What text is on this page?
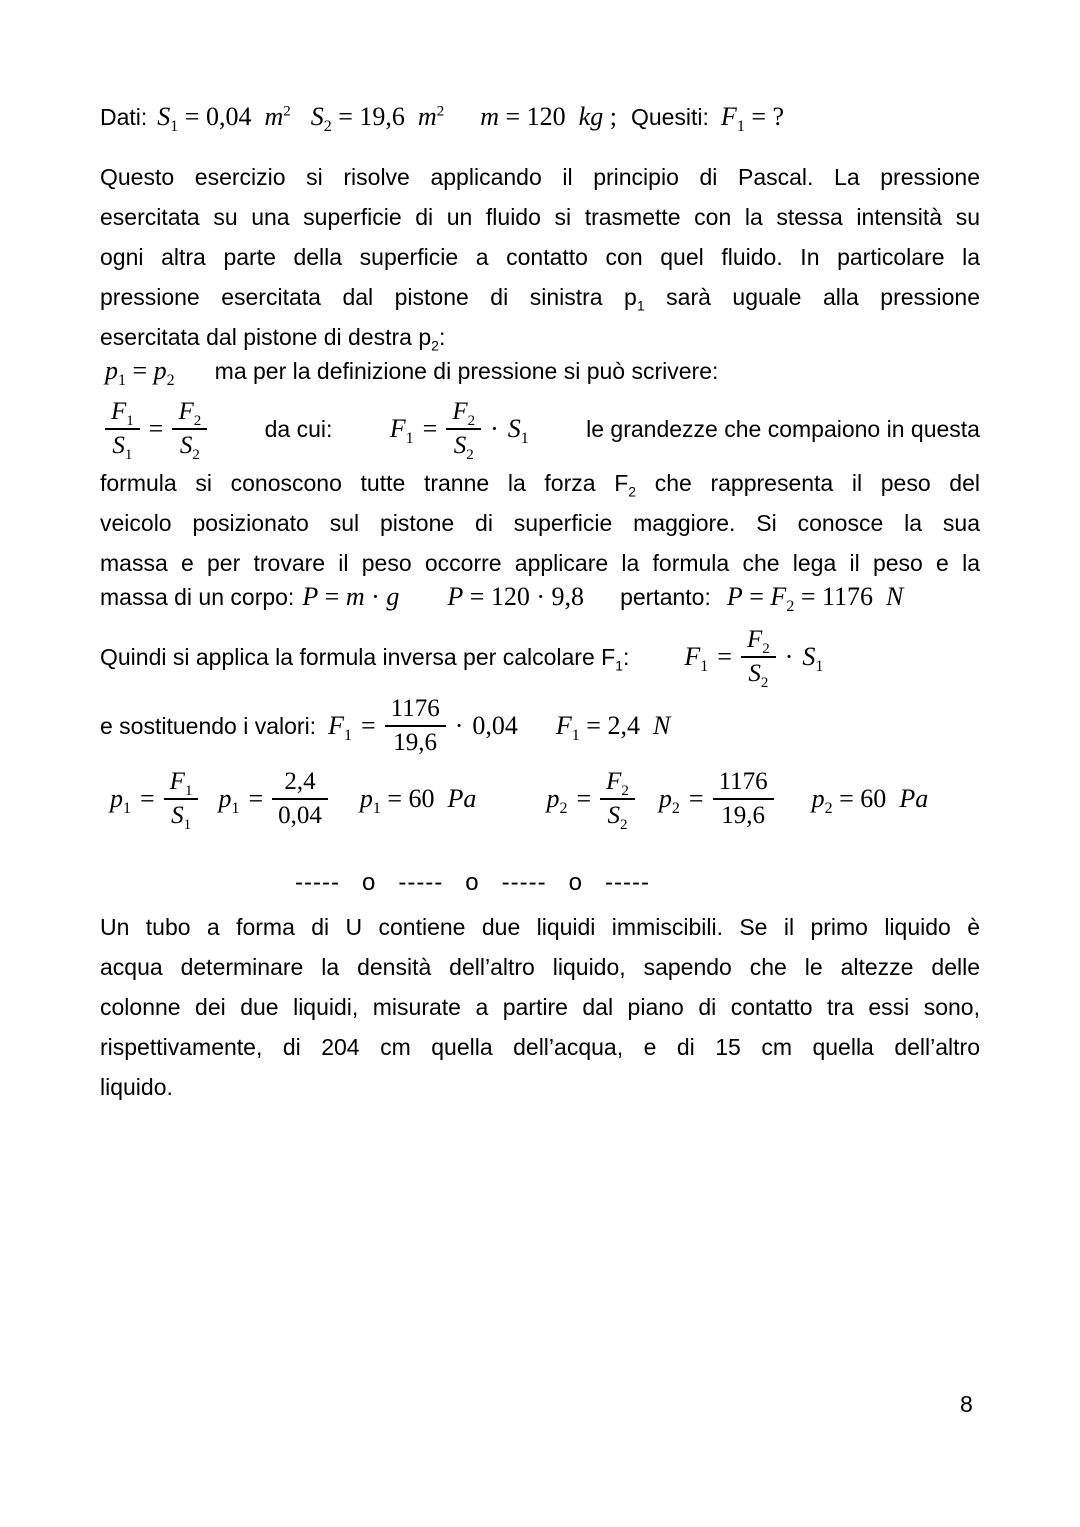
Dati: $S_1 = 0,04$  $m^2$ $S_2 = 19,6$  $m^2$ m = 120  kg ; Quesiti: $F_1$ = ?
Questo esercizio si risolve applicando il principio di Pascal. La pressione
esercitata su una superficie di un fluido si trasmette con la stessa intensità su
ogni altra parte della superficie a contatto con quel fluido. In particolare la
pressione esercitata dal pistone di sinistra $p_1$ sarà uguale alla pressione
esercitata dal pistone di destra $p_2$:
$p_1 = p_2$ ma per la definizione di pressione si può scrivere:
$\frac{F_1}{S_1} = \frac{F_2}{S_2}$ da cui: $F_1 = \frac{F_2}{S_2} \cdot S_1$ le grandezze che compaiono in questa
formula si conoscono tutte tranne la forza $F_2$ che rappresenta il peso del
veicolo posizionato sul pistone di superficie maggiore. Si conosce la sua
massa e per trovare il peso occorre applicare la formula che lega il peso e la
massa di un corpo: P = m · g P = 120 · 9,8 pertanto: $P = F_2 = 1176$  N
Quindi si applica la formula inversa per calcolare $F_1$: $F_1 = \frac{F_2}{S_2} \cdot S_1$
e sostituendo i valori: $F_1 = \frac{1176}{19,6} \cdot 0,04$ $F_1 = 2,4$  N
$p_1 = \frac{F_1}{S_1} p_1 = \frac{2,4}{0,04} p_1 = 60$  Pa	$p_2 = \frac{F_2}{S_2} p_2 = \frac{1176}{19,6} p_2 = 60$  Pa
----- o ----- o ----- o -----
Un tubo a forma di U contiene due liquidi immiscibili. Se il primo liquido è
acqua determinare la densità dell’altro liquido, sapendo che le altezze delle
colonne dei due liquidi, misurate a partire dal piano di contatto tra essi sono,
rispettivamente, di 204 cm quella dell’acqua, e di 15 cm quella dell’altro
liquido.
8
